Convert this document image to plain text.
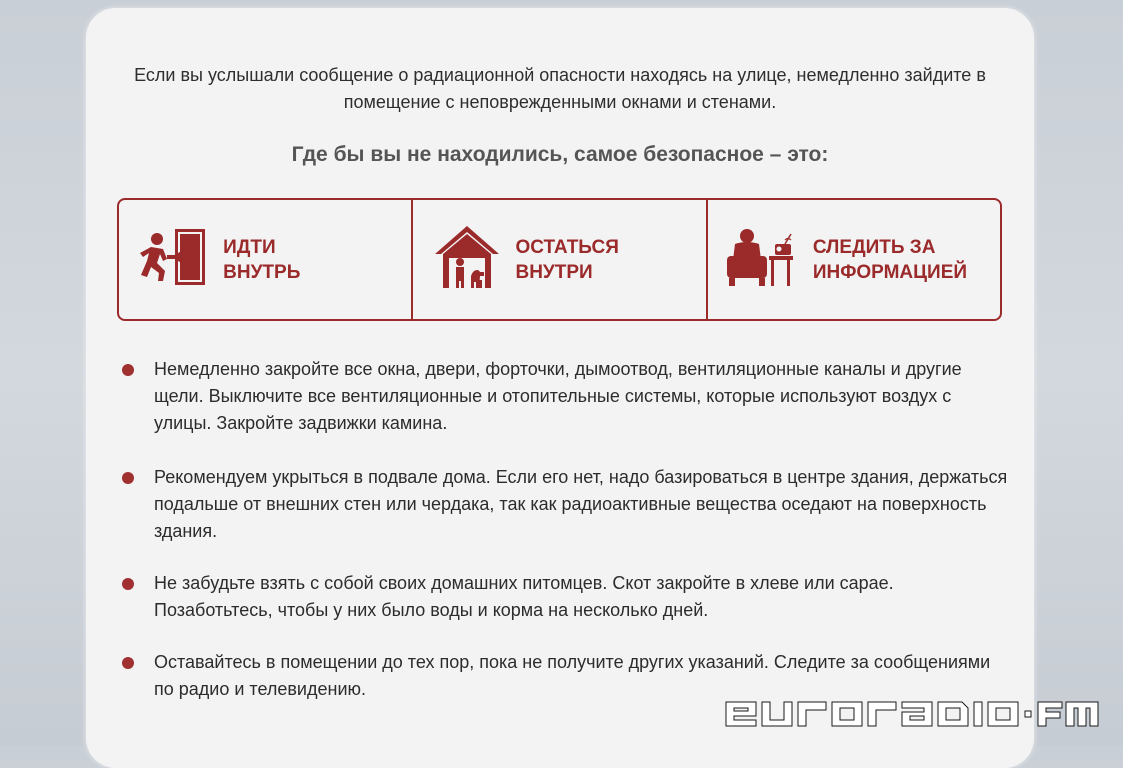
Если вы услышали сообщение о радиационной опасности находясь на улице, немедленно зайдите в помещение с неповрежденными окнами и стенами.
Где бы вы не находились, самое безопасное – это:
ИДТИ
ВНУТРЬ
ОСТАТЬСЯ
ВНУТРИ
СЛЕДИТЬ ЗА
ИНФОРМАЦИЕЙ
Немедленно закройте все окна, двери, форточки, дымоотвод, вентиляционные каналы и другие щели. Выключите все вентиляционные и отопительные системы, которые используют воздух с улицы. Закройте задвижки камина.
Рекомендуем укрыться в подвале дома. Если его нет, надо базироваться в центре здания, держаться подальше от внешних стен или чердака, так как радиоактивные вещества оседают на поверхность здания.
Не забудьте взять с собой своих домашних питомцев. Скот закройте в хлеве или сарае. Позаботьтесь, чтобы у них было воды и корма на несколько дней.
Оставайтесь в помещении до тех пор, пока не получите других указаний. Следите за сообщениями по радио и телевидению.
